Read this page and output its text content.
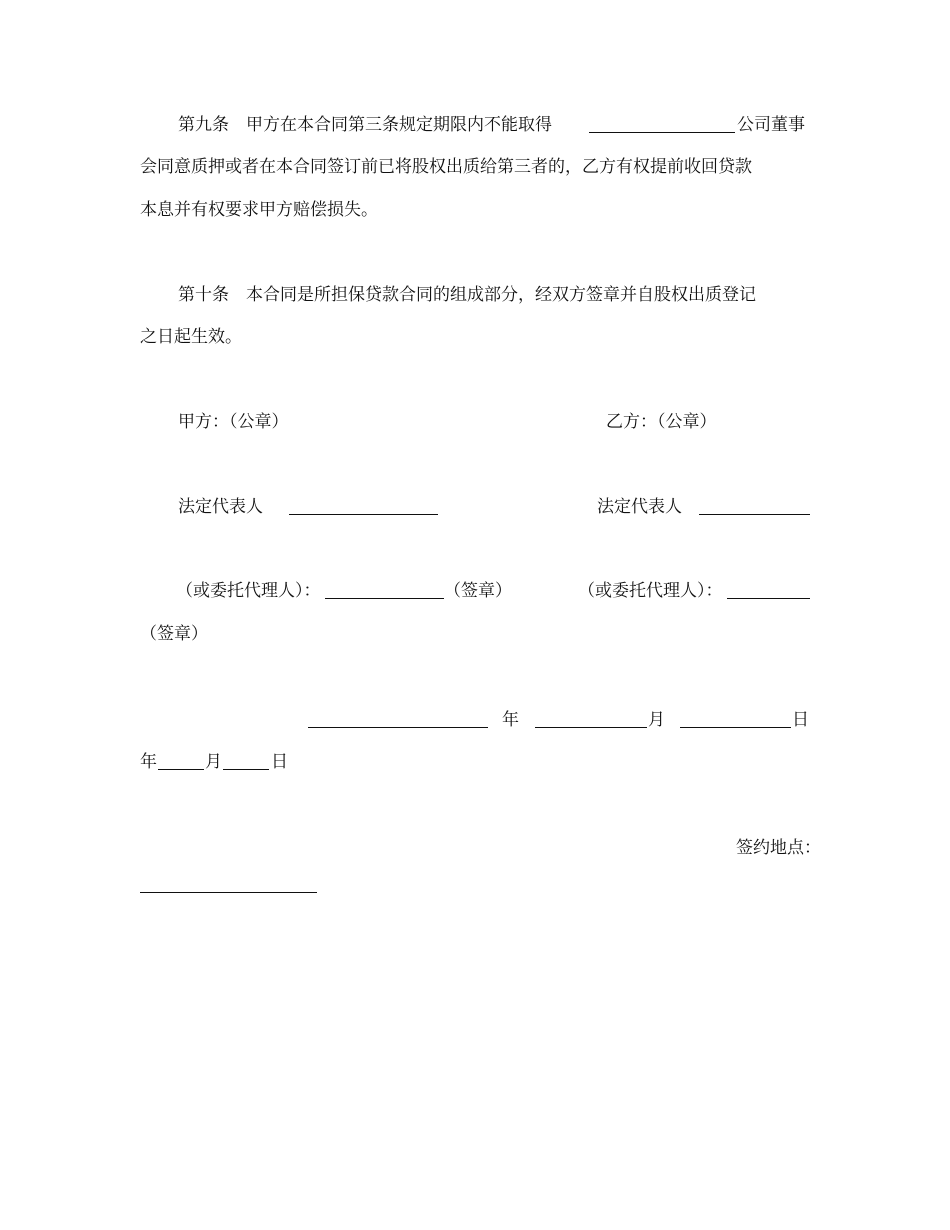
第九条　甲方在本合同第三条规定期限内不能取得	公司董事
会同意质押或者在本合同签订前已将股权出质给第三者的，乙方有权提前收回贷款
本息并有权要求甲方赔偿损失。
第十条　本合同是所担保贷款合同的组成部分，经双方签章并自股权出质登记
之日起生效。
甲方：（公章）	乙方：（公章）
法定代表人	法定代表人
（或委托代理人）：	（签章）	（或委托代理人）：
（签章）
年	月	日
年	月	日
签约地点：
